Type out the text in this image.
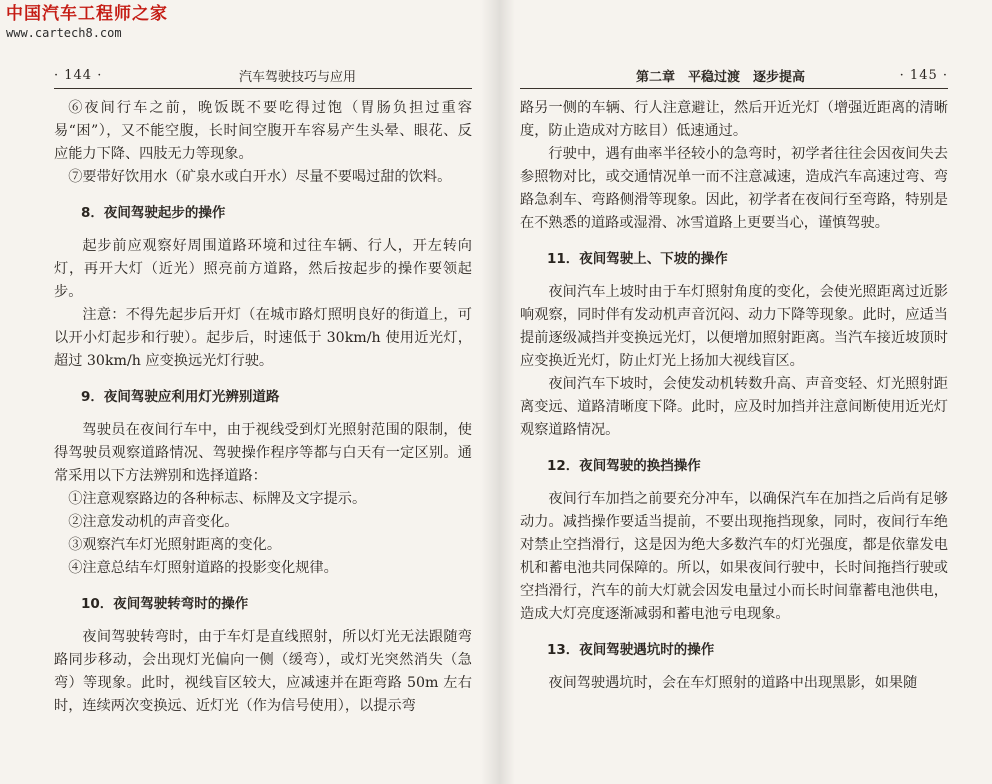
中国汽车工程师之家
www.cartech8.com
· 144 ·	汽车驾驶技巧与应用

⑥夜间行车之前，晚饭既不要吃得过饱（胃肠负担过重容易“困”），又不能空腹，长时间空腹开车容易产生头晕、眼花、反应能力下降、四肢无力等现象。

⑦要带好饮用水（矿泉水或白开水）尽量不要喝过甜的饮料。

8．夜间驾驶起步的操作

起步前应观察好周围道路环境和过往车辆、行人，开左转向灯，再开大灯（近光）照亮前方道路，然后按起步的操作要领起步。

注意：不得先起步后开灯（在城市路灯照明良好的街道上，可以开小灯起步和行驶）。起步后，时速低于 30km/h 使用近光灯，超过 30km/h 应变换远光灯行驶。

9．夜间驾驶应利用灯光辨别道路

驾驶员在夜间行车中，由于视线受到灯光照射范围的限制，使得驾驶员观察道路情况、驾驶操作程序等都与白天有一定区别。通常采用以下方法辨别和选择道路：

①注意观察路边的各种标志、标牌及文字提示。

②注意发动机的声音变化。

③观察汽车灯光照射距离的变化。

④注意总结车灯照射道路的投影变化规律。

10．夜间驾驶转弯时的操作

夜间驾驶转弯时，由于车灯是直线照射，所以灯光无法跟随弯路同步移动，会出现灯光偏向一侧（缓弯），或灯光突然消失（急弯）等现象。此时，视线盲区较大，应减速并在距弯路 50m 左右时，连续两次变换远、近灯光（作为信号使用），以提示弯

第二章　平稳过渡　逐步提高	· 145 ·

路另一侧的车辆、行人注意避让，然后开近光灯（增强近距离的清晰度，防止造成对方眩目）低速通过。

行驶中，遇有曲率半径较小的急弯时，初学者往往会因夜间失去参照物对比，或交通情况单一而不注意减速，造成汽车高速过弯、弯路急刹车、弯路侧滑等现象。因此，初学者在夜间行至弯路，特别是在不熟悉的道路或湿滑、冰雪道路上更要当心，谨慎驾驶。

11．夜间驾驶上、下坡的操作

夜间汽车上坡时由于车灯照射角度的变化，会使光照距离过近影响观察，同时伴有发动机声音沉闷、动力下降等现象。此时，应适当提前逐级减挡并变换远光灯，以便增加照射距离。当汽车接近坡顶时应变换近光灯，防止灯光上扬加大视线盲区。

夜间汽车下坡时，会使发动机转数升高、声音变轻、灯光照射距离变远、道路清晰度下降。此时，应及时加挡并注意间断使用近光灯观察道路情况。

12．夜间驾驶的换挡操作

夜间行车加挡之前要充分冲车，以确保汽车在加挡之后尚有足够动力。减挡操作要适当提前，不要出现拖挡现象，同时，夜间行车绝对禁止空挡滑行，这是因为绝大多数汽车的灯光强度，都是依靠发电机和蓄电池共同保障的。所以，如果夜间行驶中，长时间拖挡行驶或空挡滑行，汽车的前大灯就会因发电量过小而长时间靠蓄电池供电，造成大灯亮度逐渐减弱和蓄电池亏电现象。

13．夜间驾驶遇坑时的操作

夜间驾驶遇坑时，会在车灯照射的道路中出现黑影，如果随
